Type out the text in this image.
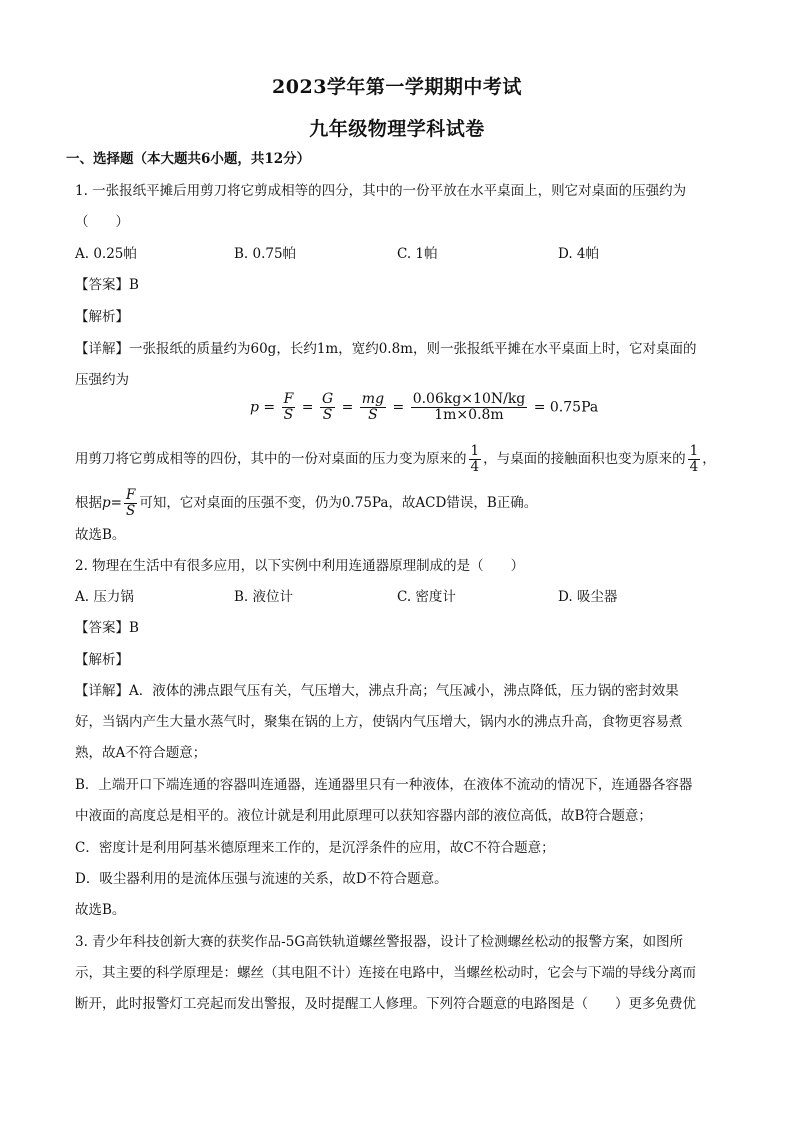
2023学年第一学期期中考试
九年级物理学科试卷
一、选择题（本大题共6小题，共12分）
1. 一张报纸平摊后用剪刀将它剪成相等的四分，其中的一份平放在水平桌面上，则它对桌面的压强约为
（　　）
A. 0.25帕	B. 0.75帕	C. 1帕	D. 4帕
【答案】B
【解析】
【详解】一张报纸的质量约为60g，长约1m，宽约0.8m，则一张报纸平摊在水平桌面上时，它对桌面的
压强约为
$p = \frac{F}{S} = \frac{G}{S} = \frac{mg}{S} = \frac{0.06kg\times 10N/kg}{1m\times 0.8m} = 0.75Pa$
用剪刀将它剪成相等的四份，其中的一份对桌面的压力变为原来的 $\frac{1}{4}$ ，与桌面的接触面积也变为原来的 $\frac{1}{4}$ ，
根据$p= \frac{F}{S}$ 可知，它对桌面的压强不变，仍为0.75Pa，故ACD错误，B正确。
故选B。
2. 物理在生活中有很多应用，以下实例中利用连通器原理制成的是（　　）
A. 压力锅	B. 液位计	C. 密度计	D. 吸尘器
【答案】B
【解析】
【详解】A．液体的沸点跟气压有关，气压增大，沸点升高；气压减小，沸点降低，压力锅的密封效果
好，当锅内产生大量水蒸气时，聚集在锅的上方，使锅内气压增大，锅内水的沸点升高，食物更容易煮
熟，故A不符合题意；
B．上端开口下端连通的容器叫连通器，连通器里只有一种液体，在液体不流动的情况下，连通器各容器
中液面的高度总是相平的。液位计就是利用此原理可以获知容器内部的液位高低，故B符合题意；
C．密度计是利用阿基米德原理来工作的，是沉浮条件的应用，故C不符合题意；
D．吸尘器利用的是流体压强与流速的关系，故D不符合题意。
故选B。
3. 青少年科技创新大赛的获奖作品-5G高铁轨道螺丝警报器，设计了检测螺丝松动的报警方案，如图所
示，其主要的科学原理是：螺丝（其电阻不计）连接在电路中，当螺丝松动时，它会与下端的导线分离而
断开，此时报警灯工亮起而发出警报，及时提醒工人修理。下列符合题意的电路图是（　　）更多免费优
